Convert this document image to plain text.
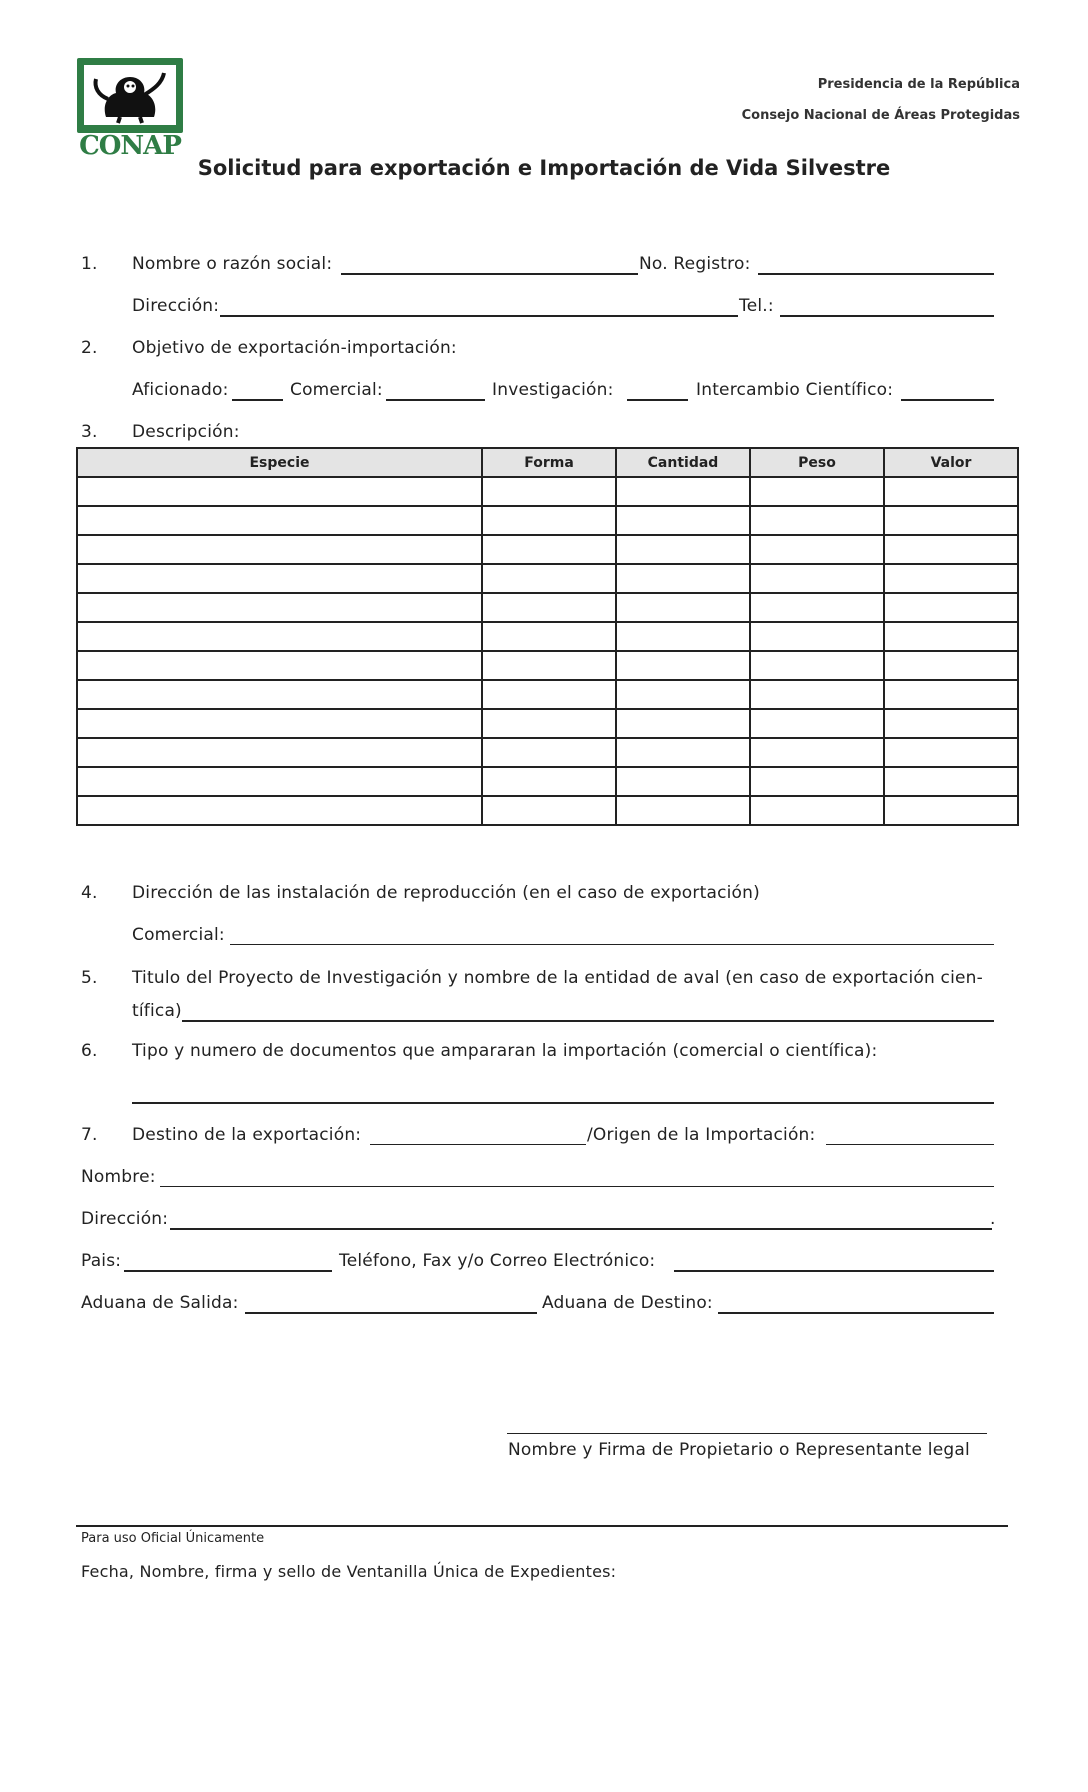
CONAP
Presidencia de la República
Consejo Nacional de Áreas Protegidas
Solicitud para exportación e Importación de Vida Silvestre
1. Nombre o razón social:	No. Registro:
Dirección:	Tel.:
2. Objetivo de exportación-importación:
Aficionado:	Comercial:	Investigación:	Intercambio Científico:
3. Descripción:
Especie	Forma	Cantidad	Peso	Valor

4. Dirección de las instalación de reproducción (en el caso de exportación)
Comercial:
5. Titulo del Proyecto de Investigación y nombre de la entidad de aval (en caso de exportación cien-
tífica)
6. Tipo y numero de documentos que ampararan la importación (comercial o científica):
7. Destino de la exportación:	/Origen de la Importación:
Nombre:
Dirección:	.
Pais:	Teléfono, Fax y/o Correo Electrónico:
Aduana de Salida:	Aduana de Destino:
Nombre y Firma de Propietario o Representante legal
Para uso Oficial Únicamente
Fecha, Nombre, firma y sello de Ventanilla Única de Expedientes:
